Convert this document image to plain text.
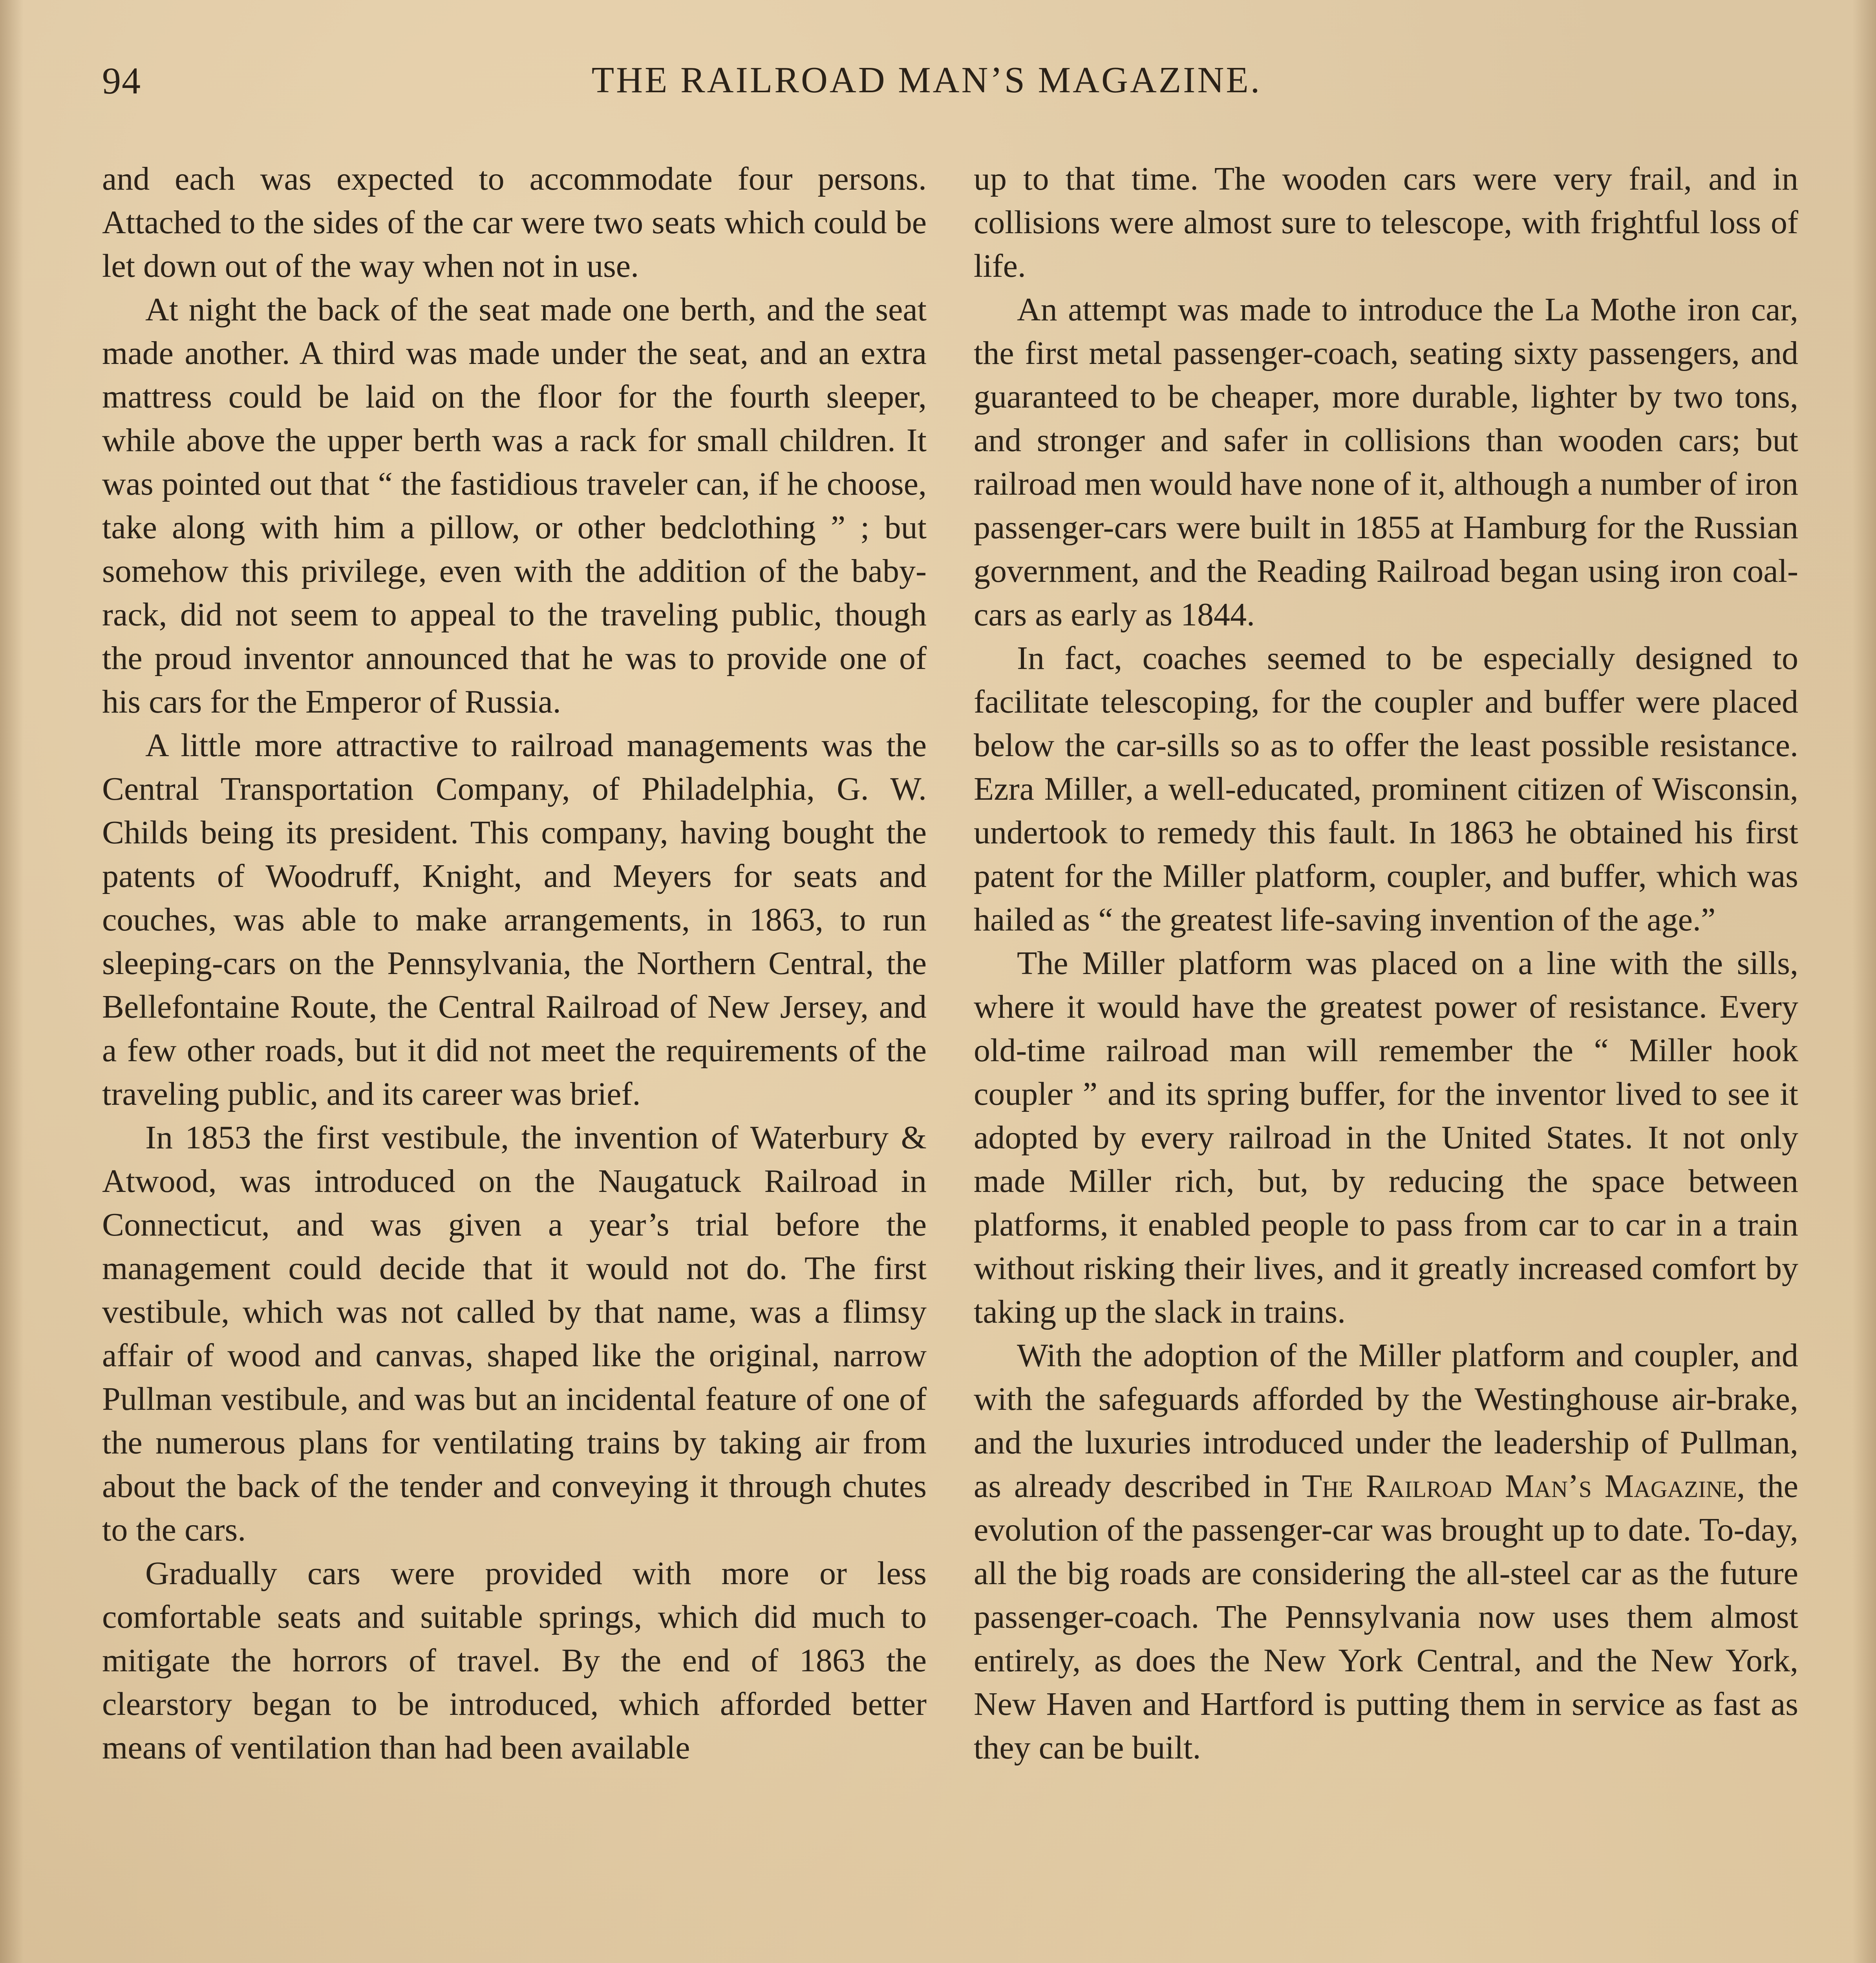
94	THE RAILROAD MAN’S MAGAZINE.

and each was expected to accommodate four persons. Attached to the sides of the car were two seats which could be let down out of the way when not in use.

At night the back of the seat made one berth, and the seat made another. A third was made under the seat, and an extra mattress could be laid on the floor for the fourth sleeper, while above the upper berth was a rack for small children. It was pointed out that “ the fastidious traveler can, if he choose, take along with him a pillow, or other bedclothing ” ; but somehow this privilege, even with the addition of the baby-rack, did not seem to appeal to the traveling public, though the proud inventor announced that he was to provide one of his cars for the Emperor of Russia.

A little more attractive to railroad managements was the Central Transportation Company, of Philadelphia, G. W. Childs being its president. This company, having bought the patents of Woodruff, Knight, and Meyers for seats and couches, was able to make arrangements, in 1863, to run sleeping-cars on the Pennsylvania, the Northern Central, the Bellefontaine Route, the Central Railroad of New Jersey, and a few other roads, but it did not meet the requirements of the traveling public, and its career was brief.

In 1853 the first vestibule, the invention of Waterbury & Atwood, was introduced on the Naugatuck Railroad in Connecticut, and was given a year’s trial before the management could decide that it would not do. The first vestibule, which was not called by that name, was a flimsy affair of wood and canvas, shaped like the original, narrow Pullman vestibule, and was but an incidental feature of one of the numerous plans for ventilating trains by taking air from about the back of the tender and conveying it through chutes to the cars.

Gradually cars were provided with more or less comfortable seats and suitable springs, which did much to mitigate the horrors of travel. By the end of 1863 the clearstory began to be introduced, which afforded better means of ventilation than had been available

up to that time. The wooden cars were very frail, and in collisions were almost sure to telescope, with frightful loss of life.

An attempt was made to introduce the La Mothe iron car, the first metal passenger-coach, seating sixty passengers, and guaranteed to be cheaper, more durable, lighter by two tons, and stronger and safer in collisions than wooden cars; but railroad men would have none of it, although a number of iron passenger-cars were built in 1855 at Hamburg for the Russian government, and the Reading Railroad began using iron coal-cars as early as 1844.

In fact, coaches seemed to be especially designed to facilitate telescoping, for the coupler and buffer were placed below the car-sills so as to offer the least possible resistance. Ezra Miller, a well-educated, prominent citizen of Wisconsin, undertook to remedy this fault. In 1863 he obtained his first patent for the Miller platform, coupler, and buffer, which was hailed as “ the greatest life-saving invention of the age.”

The Miller platform was placed on a line with the sills, where it would have the greatest power of resistance. Every old-time railroad man will remember the “ Miller hook coupler ” and its spring buffer, for the inventor lived to see it adopted by every railroad in the United States. It not only made Miller rich, but, by reducing the space between platforms, it enabled people to pass from car to car in a train without risking their lives, and it greatly increased comfort by taking up the slack in trains.

With the adoption of the Miller platform and coupler, and with the safeguards afforded by the Westinghouse air-brake, and the luxuries introduced under the leadership of Pullman, as already described in The Railroad Man’s Magazine, the evolution of the passenger-car was brought up to date. To-day, all the big roads are considering the all-steel car as the future passenger-coach. The Pennsylvania now uses them almost entirely, as does the New York Central, and the New York, New Haven and Hartford is putting them in service as fast as they can be built.
